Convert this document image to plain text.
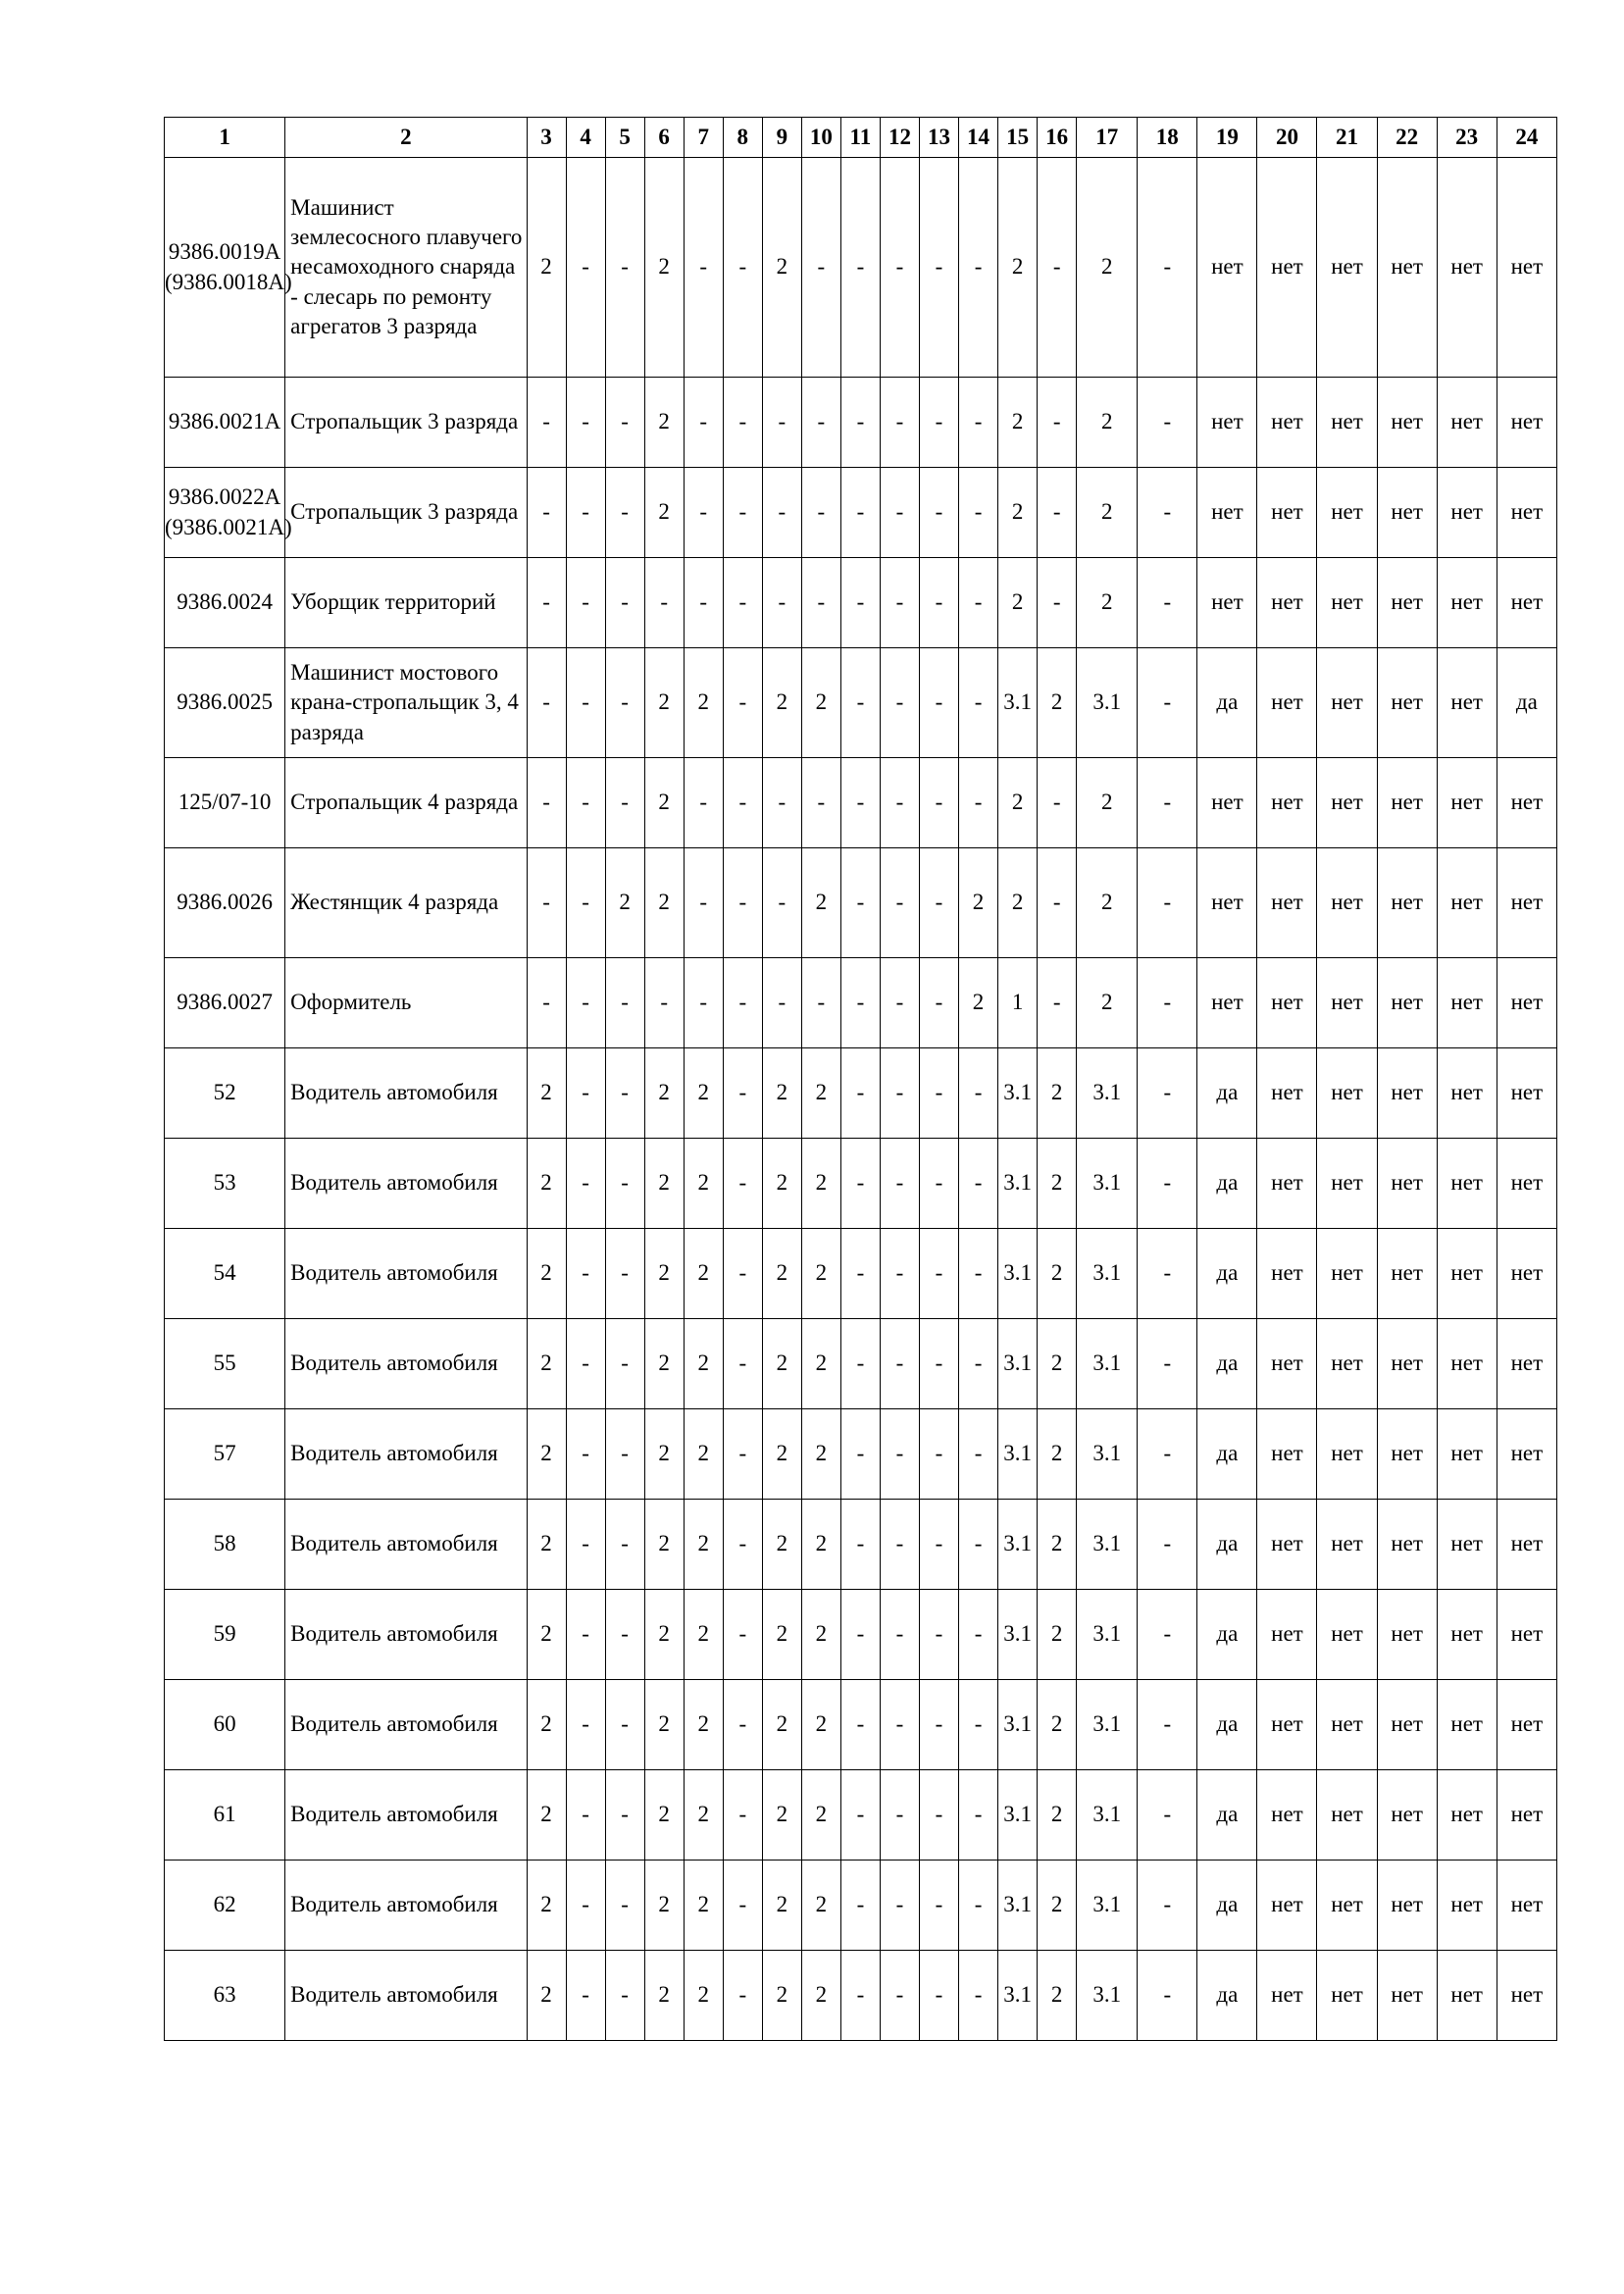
1	2	3	4	5	6	7	8	9	10	11	12	13	14	15	16	17	18	19	20	21	22	23	24
9386.0019А (9386.0018А)	Машинист землесосного плавучего несамоходного снаряда - слесарь по ремонту агрегатов 3 разряда	2	-	-	2	-	-	2	-	-	-	-	-	2	-	2	-	нет	нет	нет	нет	нет	нет
9386.0021А	Стропальщик 3 разряда	-	-	-	2	-	-	-	-	-	-	-	-	2	-	2	-	нет	нет	нет	нет	нет	нет
9386.0022А (9386.0021А)	Стропальщик 3 разряда	-	-	-	2	-	-	-	-	-	-	-	-	2	-	2	-	нет	нет	нет	нет	нет	нет
9386.0024	Уборщик территорий	-	-	-	-	-	-	-	-	-	-	-	-	2	-	2	-	нет	нет	нет	нет	нет	нет
9386.0025	Машинист мостового крана-стропальщик 3, 4 разряда	-	-	-	2	2	-	2	2	-	-	-	-	3.1	2	3.1	-	да	нет	нет	нет	нет	да
125/07-10	Стропальщик 4 разряда	-	-	-	2	-	-	-	-	-	-	-	-	2	-	2	-	нет	нет	нет	нет	нет	нет
9386.0026	Жестянщик 4 разряда	-	-	2	2	-	-	-	2	-	-	-	2	2	-	2	-	нет	нет	нет	нет	нет	нет
9386.0027	Оформитель	-	-	-	-	-	-	-	-	-	-	-	2	1	-	2	-	нет	нет	нет	нет	нет	нет
52	Водитель автомобиля	2	-	-	2	2	-	2	2	-	-	-	-	3.1	2	3.1	-	да	нет	нет	нет	нет	нет
53	Водитель автомобиля	2	-	-	2	2	-	2	2	-	-	-	-	3.1	2	3.1	-	да	нет	нет	нет	нет	нет
54	Водитель автомобиля	2	-	-	2	2	-	2	2	-	-	-	-	3.1	2	3.1	-	да	нет	нет	нет	нет	нет
55	Водитель автомобиля	2	-	-	2	2	-	2	2	-	-	-	-	3.1	2	3.1	-	да	нет	нет	нет	нет	нет
57	Водитель автомобиля	2	-	-	2	2	-	2	2	-	-	-	-	3.1	2	3.1	-	да	нет	нет	нет	нет	нет
58	Водитель автомобиля	2	-	-	2	2	-	2	2	-	-	-	-	3.1	2	3.1	-	да	нет	нет	нет	нет	нет
59	Водитель автомобиля	2	-	-	2	2	-	2	2	-	-	-	-	3.1	2	3.1	-	да	нет	нет	нет	нет	нет
60	Водитель автомобиля	2	-	-	2	2	-	2	2	-	-	-	-	3.1	2	3.1	-	да	нет	нет	нет	нет	нет
61	Водитель автомобиля	2	-	-	2	2	-	2	2	-	-	-	-	3.1	2	3.1	-	да	нет	нет	нет	нет	нет
62	Водитель автомобиля	2	-	-	2	2	-	2	2	-	-	-	-	3.1	2	3.1	-	да	нет	нет	нет	нет	нет
63	Водитель автомобиля	2	-	-	2	2	-	2	2	-	-	-	-	3.1	2	3.1	-	да	нет	нет	нет	нет	нет
